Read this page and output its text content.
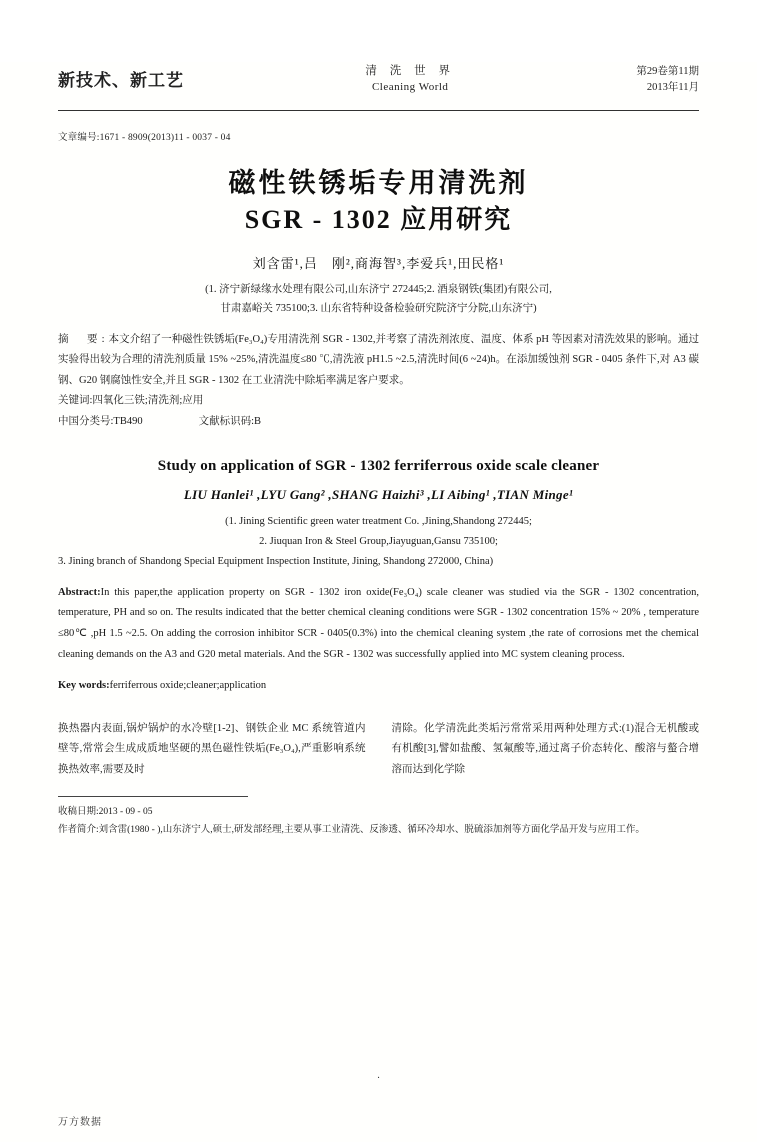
新技术、新工艺	清 洗 世 界
Cleaning World
第29卷第11期
2013年11月
文章编号:1671 - 8909(2013)11 - 0037 - 04
磁性铁锈垢专用清洗剂
SGR - 1302 应用研究
刘含雷¹,吕　刚²,商海智³,李爱兵¹,田民格¹
(1. 济宁新绿缘水处理有限公司,山东济宁 272445;2. 酒泉钢铁(集团)有限公司,
甘肃嘉峪关 735100;3. 山东省特种设备检验研究院济宁分院,山东济宁)

摘　要:本文介绍了一种磁性铁锈垢(Fe₃O₄)专用清洗剂 SGR - 1302,并考察了清洗剂浓度、温度、体系 pH 等因素对清洗效果的影响。通过实验得出较为合理的清洗剂质量 15% ~25%,清洗温度≤80 ℃,清洗液 pH1.5 ~2.5,清洗时间(6 ~24)h。在添加缓蚀剂 SGR - 0405 条件下,对 A3 碳钢、G20 钢腐蚀性安全,并且 SGR - 1302 在工业清洗中除垢率满足客户要求。

关键词:四氧化三铁;清洗剂;应用

中国分类号:TB490	文献标识码:B

Study on application of SGR - 1302 ferriferrous oxide scale cleaner
LIU Hanlei¹ ,LYU Gang² ,SHANG Haizhi³ ,LI Aibing¹ ,TIAN Minge¹
(1. Jining Scientific green water treatment Co. ,Jining,Shandong 272445;
2. Jiuquan Iron & Steel Group,Jiayuguan,Gansu 735100;
3. Jining branch of Shandong Special Equipment Inspection Institute, Jining, Shandong 272000, China)

Abstract:In this paper,the application property on SGR - 1302 iron oxide(Fe₃O₄) scale cleaner was studied via the SGR - 1302 concentration, temperature, PH and so on. The results indicated that the better chemical cleaning conditions were SGR - 1302 concentration 15% ~ 20% , temperature ≤80℃ ,pH 1.5 ~2.5. On adding the corrosion inhibitor SCR - 0405(0.3%) into the chemical cleaning system ,the rate of corrosions met the chemical cleaning demands on the A3 and G20 metal materials. And the SGR - 1302 was successfully applied into MC system cleaning process.

Key words:ferriferrous oxide;cleaner;application

换热器内表面,锅炉锅炉的水冷壁[1-2]、钢铁企业 MC 系统管道内壁等,常常会生成成质地坚硬的黑色磁性铁垢(Fe₃O₄),严重影响系统换热效率,需要及时

清除。化学清洗此类垢污常常采用两种处理方式:(1)混合无机酸或有机酸[3],譬如盐酸、氢氟酸等,通过离子价态转化、酸溶与螯合增溶而达到化学除

收稿日期:2013 - 09 - 05
作者简介:刘含雷(1980 - ),山东济宁人,硕士,研发部经理,主要从事工业清洗、反渗透、循环冷却水、脱硫添加剂等方面化学品开发与应用工作。
·
万方数据
